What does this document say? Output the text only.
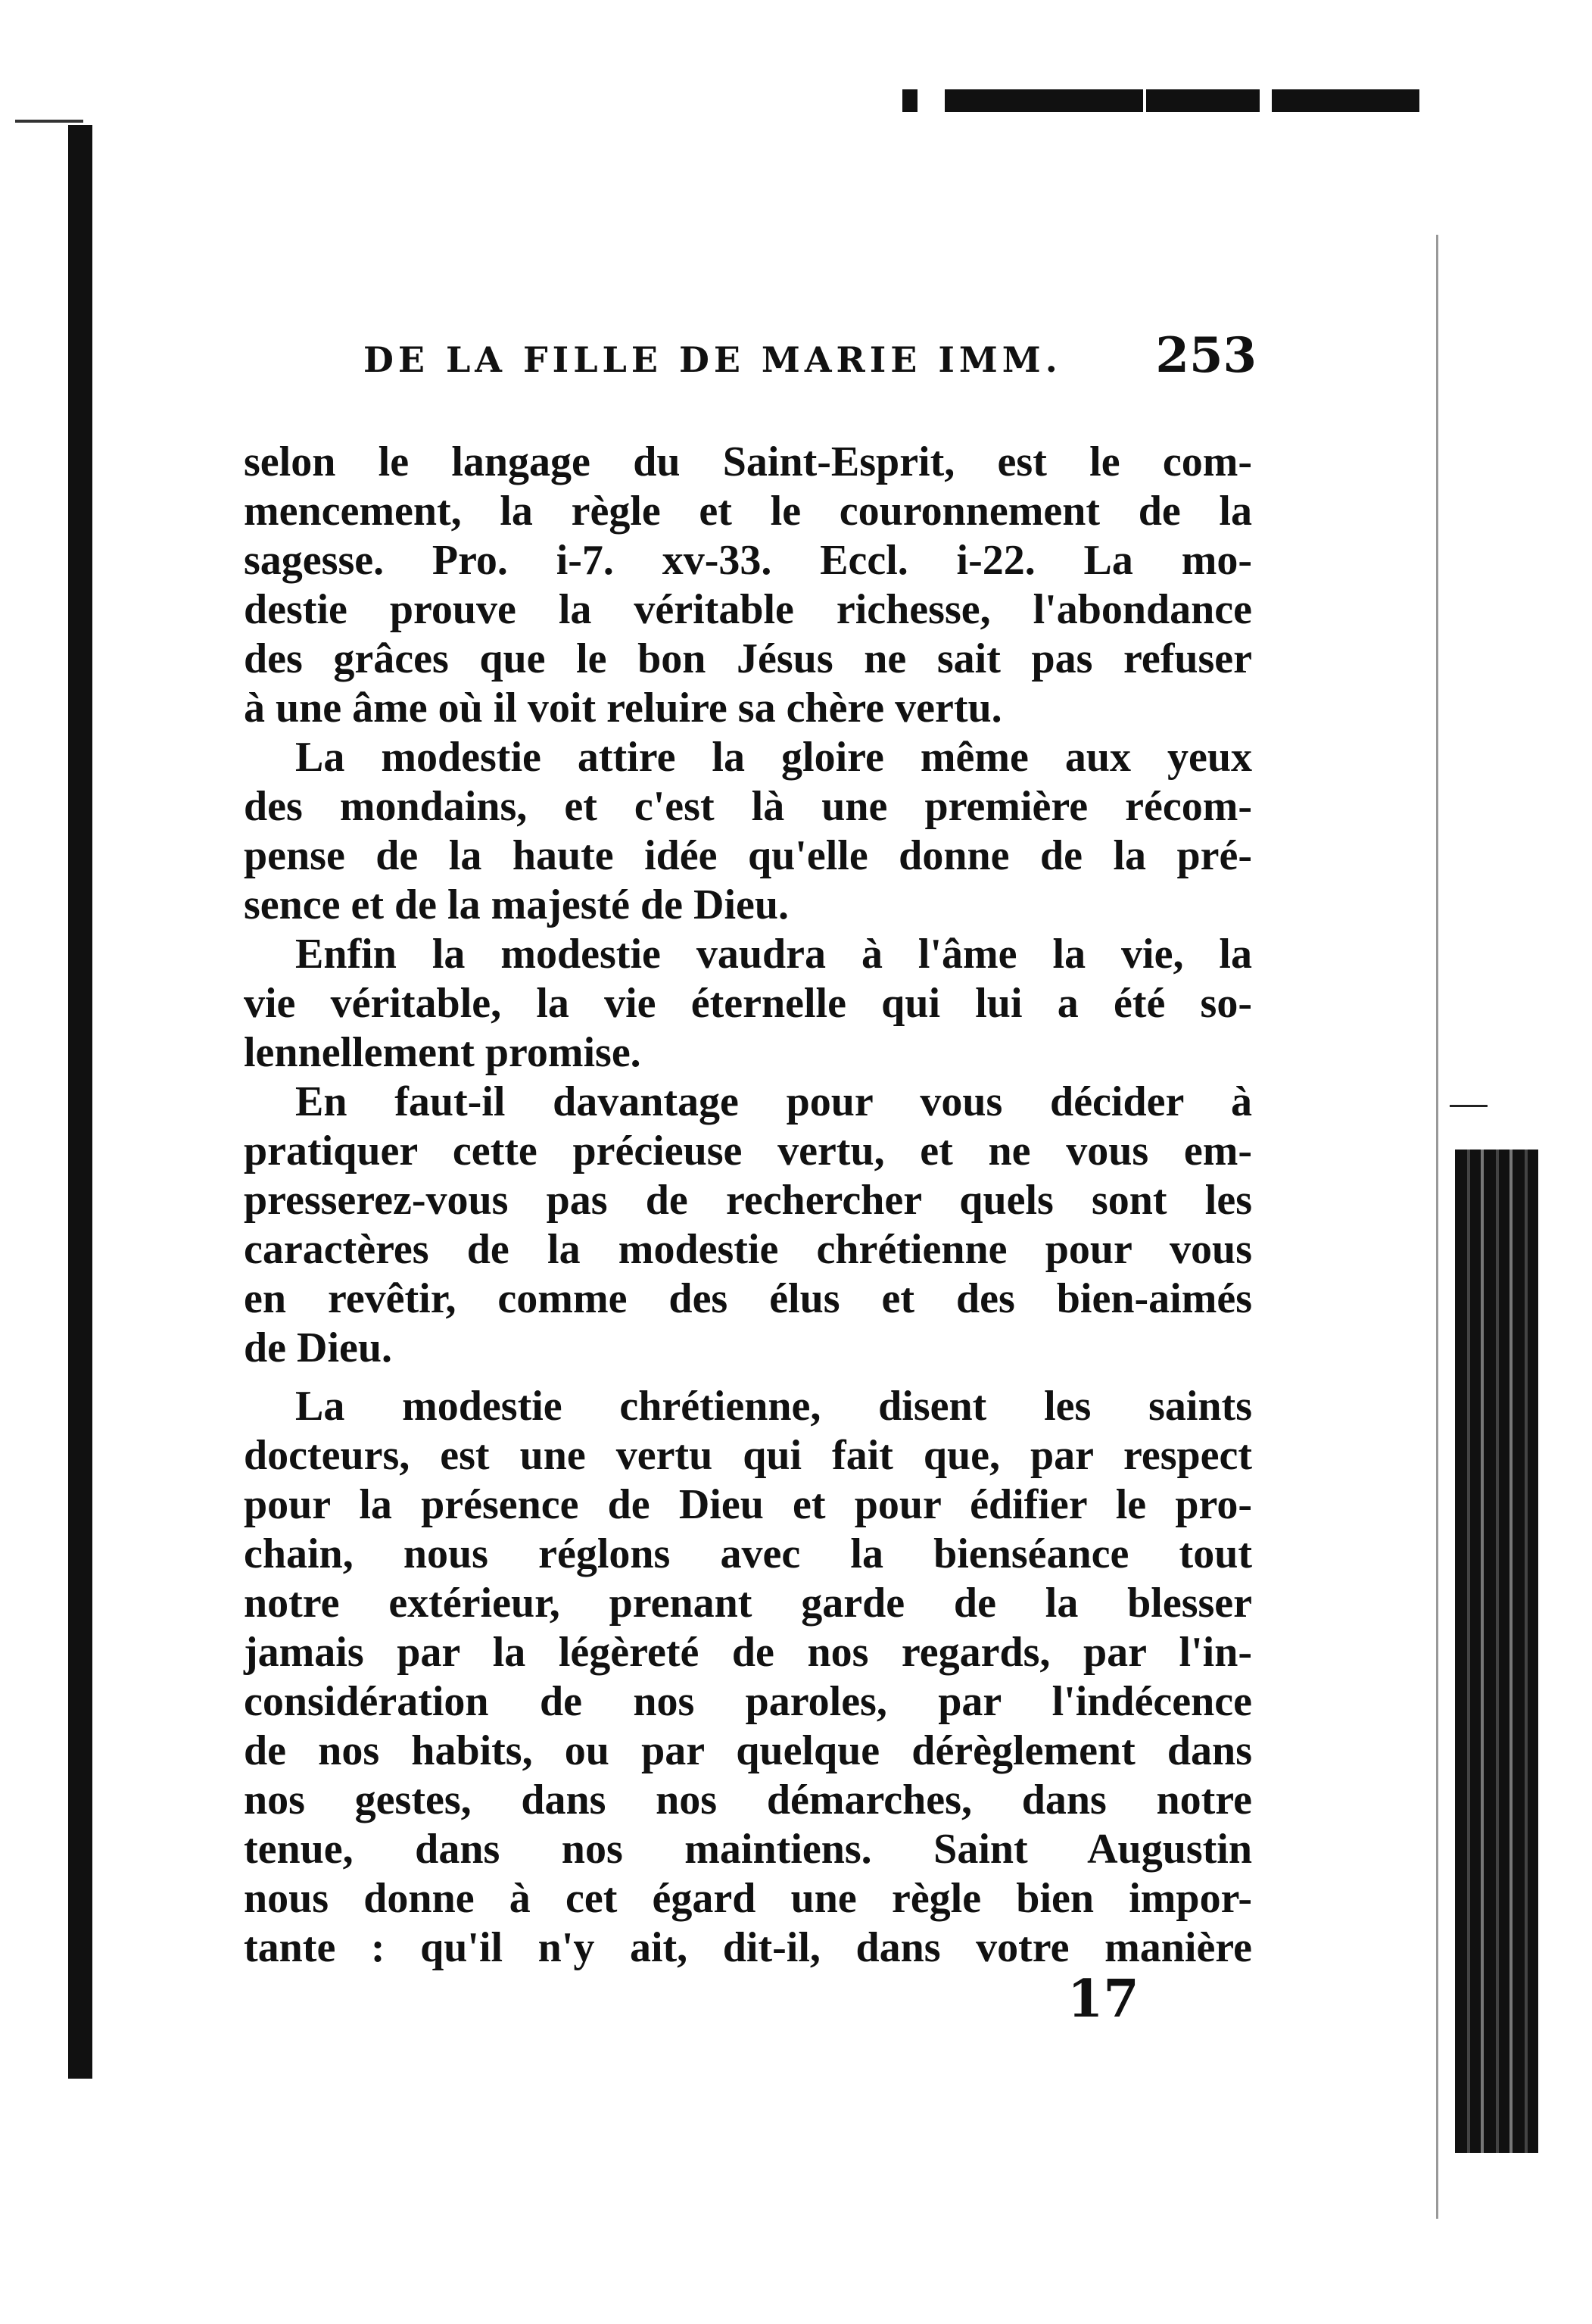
DE LA FILLE DE MARIE IMM. 253
selon le langage du Saint-Esprit, est le com-
mencement, la règle et le couronnement de la
sagesse. Pro. i-7. xv-33. Eccl. i-22. La mo-
destie prouve la véritable richesse, l'abondance
des grâces que le bon Jésus ne sait pas refuser
à une âme où il voit reluire sa chère vertu.
La modestie attire la gloire même aux yeux
des mondains, et c'est là une première récom-
pense de la haute idée qu'elle donne de la pré-
sence et de la majesté de Dieu.
Enfin la modestie vaudra à l'âme la vie, la
vie véritable, la vie éternelle qui lui a été so-
lennellement promise.
En faut-il davantage pour vous décider à
pratiquer cette précieuse vertu, et ne vous em-
presserez-vous pas de rechercher quels sont les
caractères de la modestie chrétienne pour vous
en revêtir, comme des élus et des bien-aimés
de Dieu.
La modestie chrétienne, disent les saints
docteurs, est une vertu qui fait que, par respect
pour la présence de Dieu et pour édifier le pro-
chain, nous réglons avec la bienséance tout
notre extérieur, prenant garde de la blesser
jamais par la légèreté de nos regards, par l'in-
considération de nos paroles, par l'indécence
de nos habits, ou par quelque dérèglement dans
nos gestes, dans nos démarches, dans notre
tenue, dans nos maintiens. Saint Augustin
nous donne à cet égard une règle bien impor-
tante : qu'il n'y ait, dit-il, dans votre manière
17
